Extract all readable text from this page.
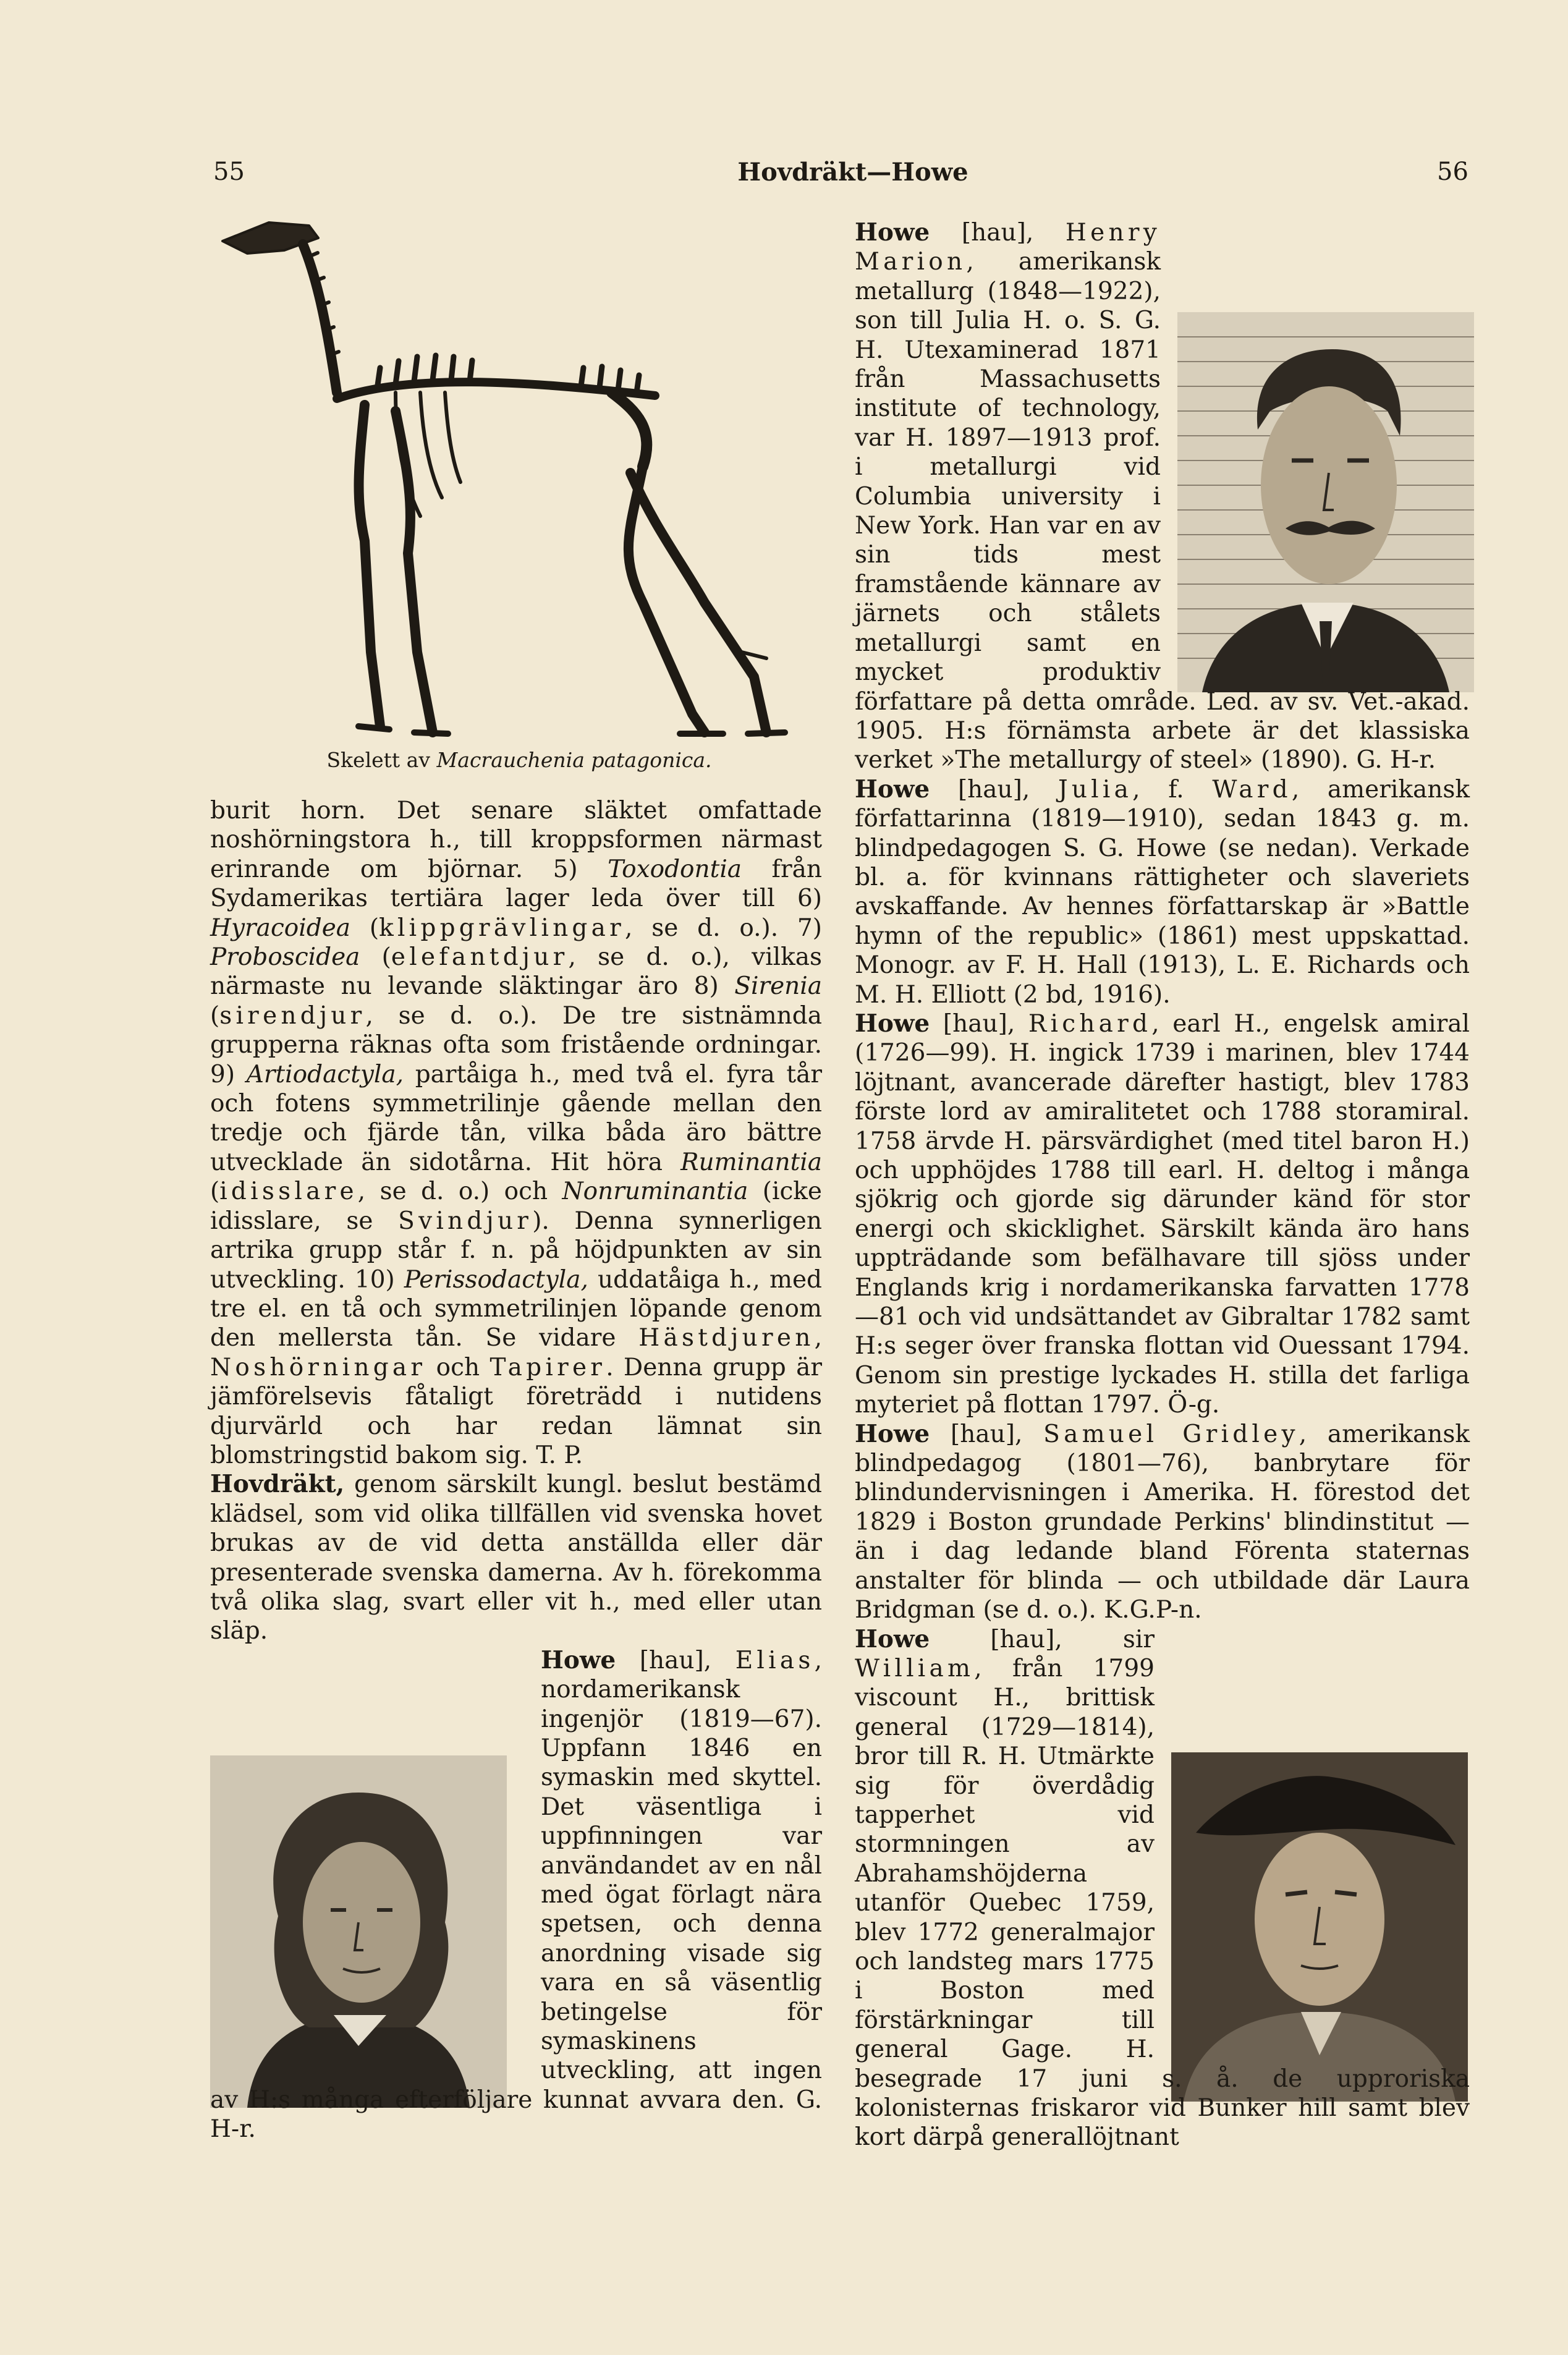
55	Hovdräkt—Howe	56
Skelett av Macrauchenia patagonica.

burit horn. Det senare släktet omfattade noshörningstora h., till kroppsformen närmast erinrande om björnar. 5) Toxodontia från Sydamerikas tertiära lager leda över till 6) Hyracoidea (klippgrävlingar, se d. o.). 7) Proboscidea (elefantdjur, se d. o.), vilkas närmaste nu levande släktingar äro 8) Sirenia (sirendjur, se d. o.). De tre sistnämnda grupperna räknas ofta som fristående ordningar. 9) Artiodactyla, partåiga h., med två el. fyra tår och fotens symmetrilinje gående mellan den tredje och fjärde tån, vilka båda äro bättre utvecklade än sidotårna. Hit höra Ruminantia (idisslare, se d. o.) och Nonruminantia (icke idisslare, se Svindjur). Denna synnerligen artrika grupp står f. n. på höjdpunkten av sin utveckling. 10) Perissodactyla, uddatåiga h., med tre el. en tå och symmetrilinjen löpande genom den mellersta tån. Se vidare Hästdjuren, Noshörningar och Tapirer. Denna grupp är jämförelsevis fåtaligt företrädd i nutidens djurvärld och har redan lämnat sin blomstringstid bakom sig. T. P.

Hovdräkt, genom särskilt kungl. beslut bestämd klädsel, som vid olika tillfällen vid svenska hovet brukas av de vid detta anställda eller där presenterade svenska damerna. Av h. förekomma två olika slag, svart eller vit h., med eller utan släp.

Howe [hau], Elias, nordamerikansk ingenjör (1819—67). Uppfann 1846 en symaskin med skyttel. Det väsentliga i uppfinningen var användandet av en nål med ögat förlagt nära spetsen, och denna anordning visade sig vara en så väsentlig betingelse för symaskinens utveckling, att ingen av H:s många efterföljare kunnat avvara den. G. H-r.

Howe [hau], Henry Marion, amerikansk metallurg (1848—1922), son till Julia H. o. S. G. H. Utexaminerad 1871 från Massachusetts institute of technology, var H. 1897—1913 prof. i metallurgi vid Columbia university i New York. Han var en av sin tids mest framstående kännare av järnets och stålets metallurgi samt en mycket produktiv författare på detta område. Led. av sv. Vet.-akad. 1905. H:s förnämsta arbete är det klassiska verket »The metallurgy of steel» (1890). G. H-r.

Howe [hau], Julia, f. Ward, amerikansk författarinna (1819—1910), sedan 1843 g. m. blindpedagogen S. G. Howe (se nedan). Verkade bl. a. för kvinnans rättigheter och slaveriets avskaffande. Av hennes författarskap är »Battle hymn of the republic» (1861) mest uppskattad. Monogr. av F. H. Hall (1913), L. E. Richards och M. H. Elliott (2 bd, 1916).

Howe [hau], Richard, earl H., engelsk amiral (1726—99). H. ingick 1739 i marinen, blev 1744 löjtnant, avancerade därefter hastigt, blev 1783 förste lord av amiralitetet och 1788 storamiral. 1758 ärvde H. pärsvärdighet (med titel baron H.) och upphöjdes 1788 till earl. H. deltog i många sjökrig och gjorde sig därunder känd för stor energi och skicklighet. Särskilt kända äro hans uppträdande som befälhavare till sjöss under Englands krig i nordamerikanska farvatten 1778—81 och vid undsättandet av Gibraltar 1782 samt H:s seger över franska flottan vid Ouessant 1794. Genom sin prestige lyckades H. stilla det farliga myteriet på flottan 1797. Ö-g.

Howe [hau], Samuel Gridley, amerikansk blindpedagog (1801—76), banbrytare för blindundervisningen i Amerika. H. förestod det 1829 i Boston grundade Perkins' blindinstitut — än i dag ledande bland Förenta staternas anstalter för blinda — och utbildade där Laura Bridgman (se d. o.). K.G.P-n.

Howe [hau], sir William, från 1799 viscount H., brittisk general (1729—1814), bror till R. H. Utmärkte sig för överdådig tapperhet vid stormningen av Abrahamshöjderna utanför Quebec 1759, blev 1772 generalmajor och landsteg mars 1775 i Boston med förstärkningar till general Gage. H. besegrade 17 juni s. å. de upproriska kolonisternas friskaror vid Bunker hill samt blev kort därpå generallöjtnant
